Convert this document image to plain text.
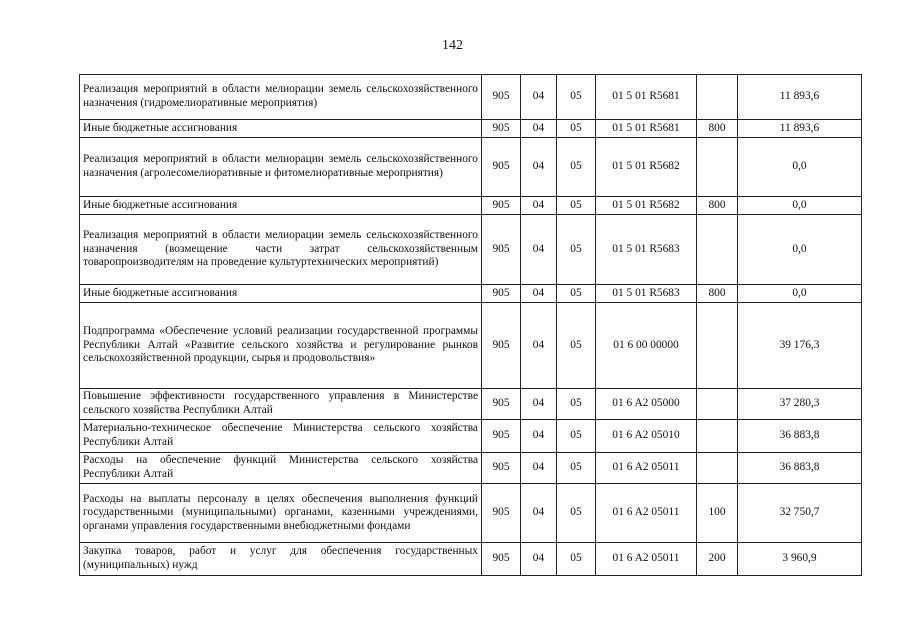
142
Реализация мероприятий в области мелиорации земель сельскохозяйственного назначения (гидромелиоративные мероприятия)	905	04	05	01 5 01 R5681		11 893,6
Иные бюджетные ассигнования	905	04	05	01 5 01 R5681	800	11 893,6
Реализация мероприятий в области мелиорации земель сельскохозяйственного назначения (агролесомелиоративные и фитомелиоративные мероприятия)	905	04	05	01 5 01 R5682		0,0
Иные бюджетные ассигнования	905	04	05	01 5 01 R5682	800	0,0
Реализация мероприятий в области мелиорации земель сельскохозяйственного назначения (возмещение части затрат сельскохозяйственным товаропроизводителям на проведение культуртехнических мероприятий)	905	04	05	01 5 01 R5683		0,0
Иные бюджетные ассигнования	905	04	05	01 5 01 R5683	800	0,0
Подпрограмма «Обеспечение условий реализации государственной программы Республики Алтай «Развитие сельского хозяйства и регулирование рынков сельскохозяйственной продукции, сырья и продовольствия»	905	04	05	01 6 00 00000		39 176,3
Повышение эффективности государственного управления в Министерстве сельского хозяйства Республики Алтай	905	04	05	01 6 A2 05000		37 280,3
Материально-техническое обеспечение Министерства сельского хозяйства Республики Алтай	905	04	05	01 6 A2 05010		36 883,8
Расходы на обеспечение функций Министерства сельского хозяйства Республики Алтай	905	04	05	01 6 A2 05011		36 883,8
Расходы на выплаты персоналу в целях обеспечения выполнения функций государственными (муниципальными) органами, казенными учреждениями, органами управления государственными внебюджетными фондами	905	04	05	01 6 A2 05011	100	32 750,7
Закупка товаров, работ и услуг для обеспечения государственных (муниципальных) нужд	905	04	05	01 6 A2 05011	200	3 960,9
